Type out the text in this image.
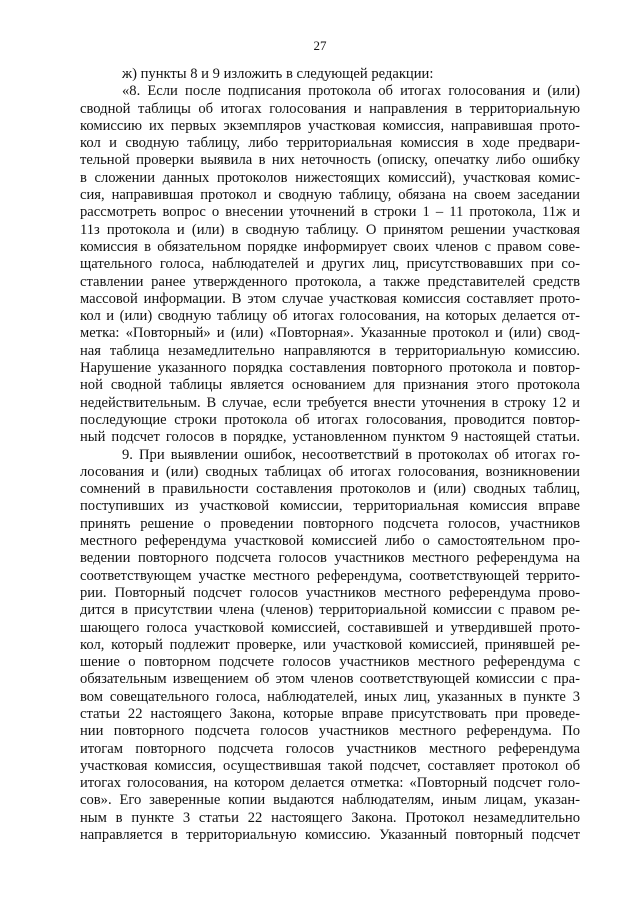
27
ж) пункты 8 и 9 изложить в следующей редакции:
«8. Если после подписания протокола об итогах голосования и (или)
сводной таблицы об итогах голосования и направления в территориальную
комиссию их первых экземпляров участковая комиссия, направившая прото-
кол и сводную таблицу, либо территориальная комиссия в ходе предвари-
тельной проверки выявила в них неточность (описку, опечатку либо ошибку
в сложении данных протоколов нижестоящих комиссий), участковая комис-
сия, направившая протокол и сводную таблицу, обязана на своем заседании
рассмотреть вопрос о внесении уточнений в строки 1 – 11 протокола, 11ж и
11з протокола и (или) в сводную таблицу. О принятом решении участковая
комиссия в обязательном порядке информирует своих членов с правом сове-
щательного голоса, наблюдателей и других лиц, присутствовавших при со-
ставлении ранее утвержденного протокола, а также представителей средств
массовой информации. В этом случае участковая комиссия составляет прото-
кол и (или) сводную таблицу об итогах голосования, на которых делается от-
метка: «Повторный» и (или) «Повторная». Указанные протокол и (или) свод-
ная таблица незамедлительно направляются в территориальную комиссию.
Нарушение указанного порядка составления повторного протокола и повтор-
ной сводной таблицы является основанием для признания этого протокола
недействительным. В случае, если требуется внести уточнения в строку 12 и
последующие строки протокола об итогах голосования, проводится повтор-
ный подсчет голосов в порядке, установленном пунктом 9 настоящей статьи.
9. При выявлении ошибок, несоответствий в протоколах об итогах го-
лосования и (или) сводных таблицах об итогах голосования, возникновении
сомнений в правильности составления протоколов и (или) сводных таблиц,
поступивших из участковой комиссии, территориальная комиссия вправе
принять решение о проведении повторного подсчета голосов, участников
местного референдума участковой комиссией либо о самостоятельном про-
ведении повторного подсчета голосов участников местного референдума на
соответствующем участке местного референдума, соответствующей террито-
рии. Повторный подсчет голосов участников местного референдума прово-
дится в присутствии члена (членов) территориальной комиссии с правом ре-
шающего голоса участковой комиссией, составившей и утвердившей прото-
кол, который подлежит проверке, или участковой комиссией, принявшей ре-
шение о повторном подсчете голосов участников местного референдума с
обязательным извещением об этом членов соответствующей комиссии с пра-
вом совещательного голоса, наблюдателей, иных лиц, указанных в пункте 3
статьи 22 настоящего Закона, которые вправе присутствовать при проведе-
нии повторного подсчета голосов участников местного референдума. По
итогам повторного подсчета голосов участников местного референдума
участковая комиссия, осуществившая такой подсчет, составляет протокол об
итогах голосования, на котором делается отметка: «Повторный подсчет голо-
сов». Его заверенные копии выдаются наблюдателям, иным лицам, указан-
ным в пункте 3 статьи 22 настоящего Закона. Протокол незамедлительно
направляется в территориальную комиссию. Указанный повторный подсчет
